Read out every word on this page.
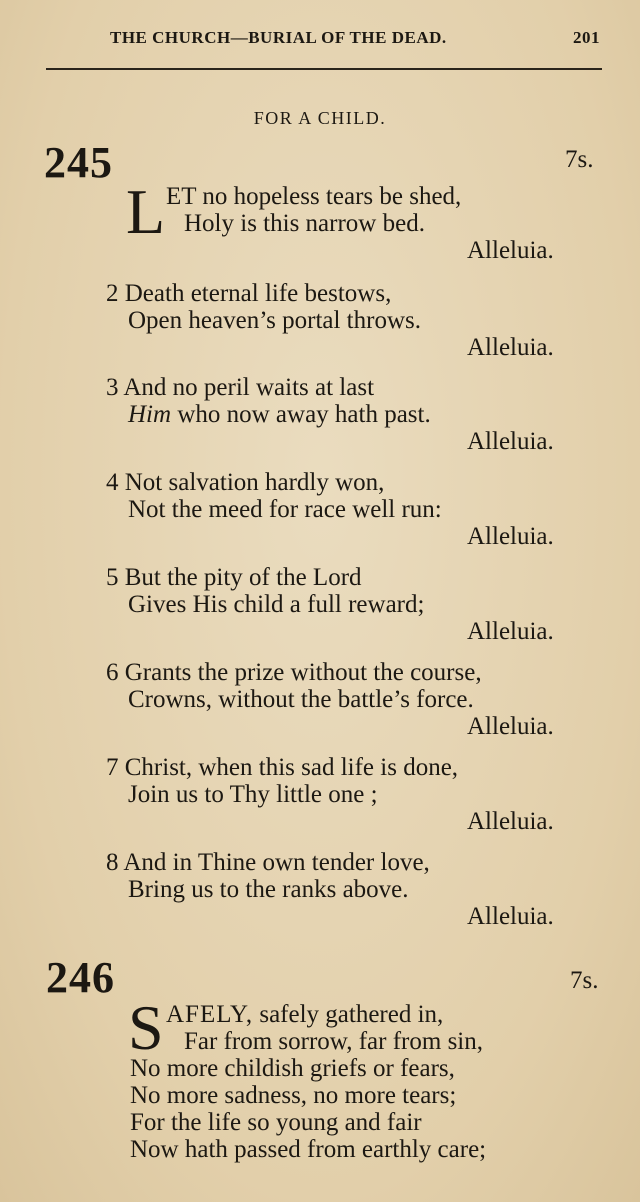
THE CHURCH—BURIAL OF THE DEAD.	201
FOR A CHILD.
245	7s.
L ET no hopeless tears be shed,
Holy is this narrow bed.
Alleluia.
2 Death eternal life bestows,
Open heaven’s portal throws.
Alleluia.
3 And no peril waits at last
Him who now away hath past.
Alleluia.
4 Not salvation hardly won,
Not the meed for race well run:
Alleluia.
5 But the pity of the Lord
Gives His child a full reward;
Alleluia.
6 Grants the prize without the course,
Crowns, without the battle’s force.
Alleluia.
7 Christ, when this sad life is done,
Join us to Thy little one ;
Alleluia.
8 And in Thine own tender love,
Bring us to the ranks above.
Alleluia.
246	7s.
S AFELY, safely gathered in,
Far from sorrow, far from sin,
No more childish griefs or fears,
No more sadness, no more tears;
For the life so young and fair
Now hath passed from earthly care;
